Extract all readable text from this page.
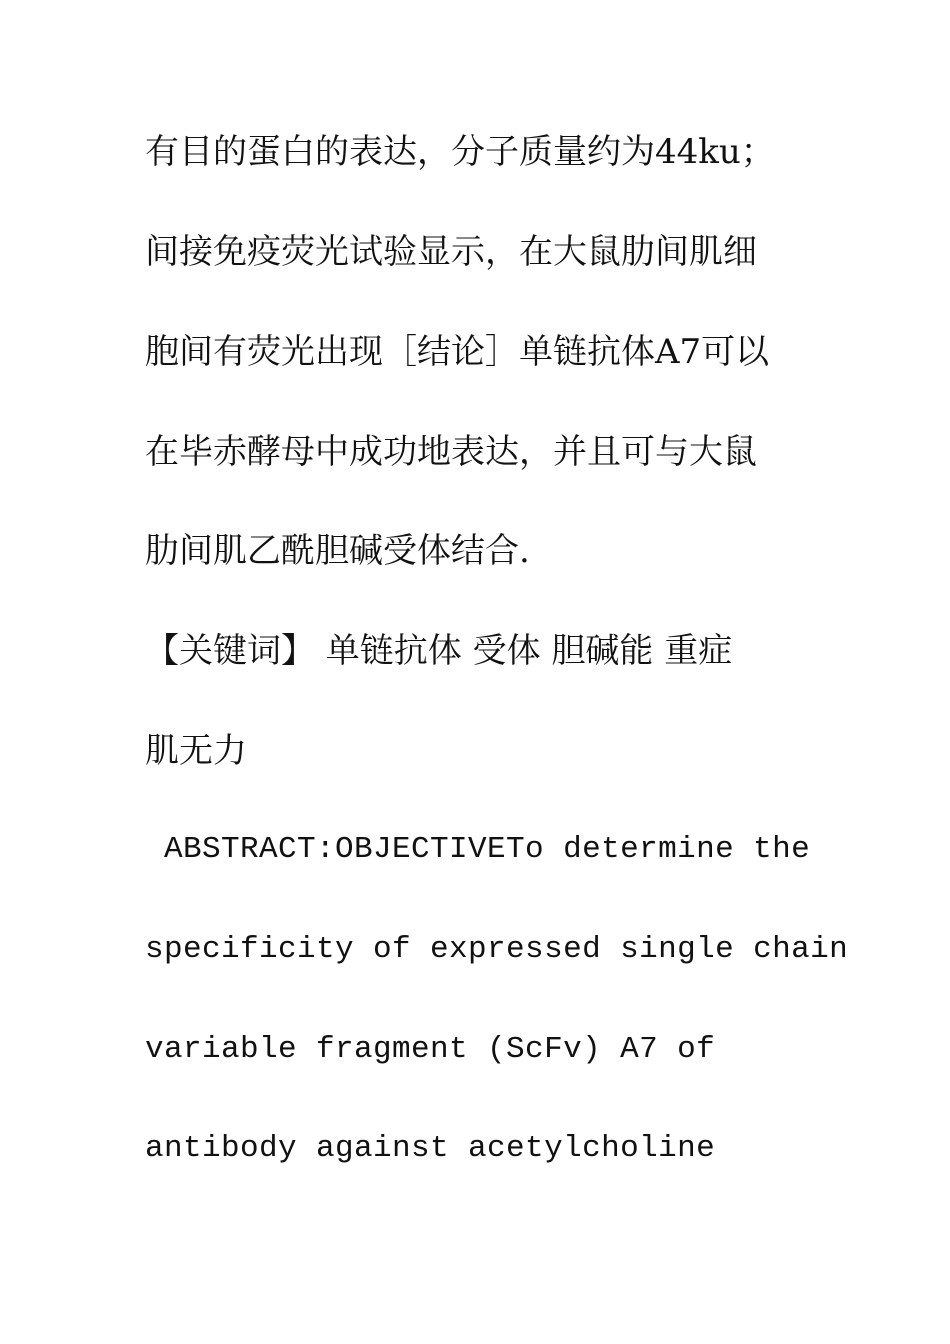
有目的蛋白的表达，分子质量约为44ku；
间接免疫荧光试验显示，在大鼠肋间肌细
胞间有荧光出现［结论］单链抗体A7可以
在毕赤酵母中成功地表达，并且可与大鼠
肋间肌乙酰胆碱受体结合.
【关键词】 单链抗体 受体 胆碱能 重症
肌无力
ABSTRACT:OBJECTIVETo determine the
specificity of expressed single chain
variable fragment (ScFv) A7 of
antibody against acetylcholine
